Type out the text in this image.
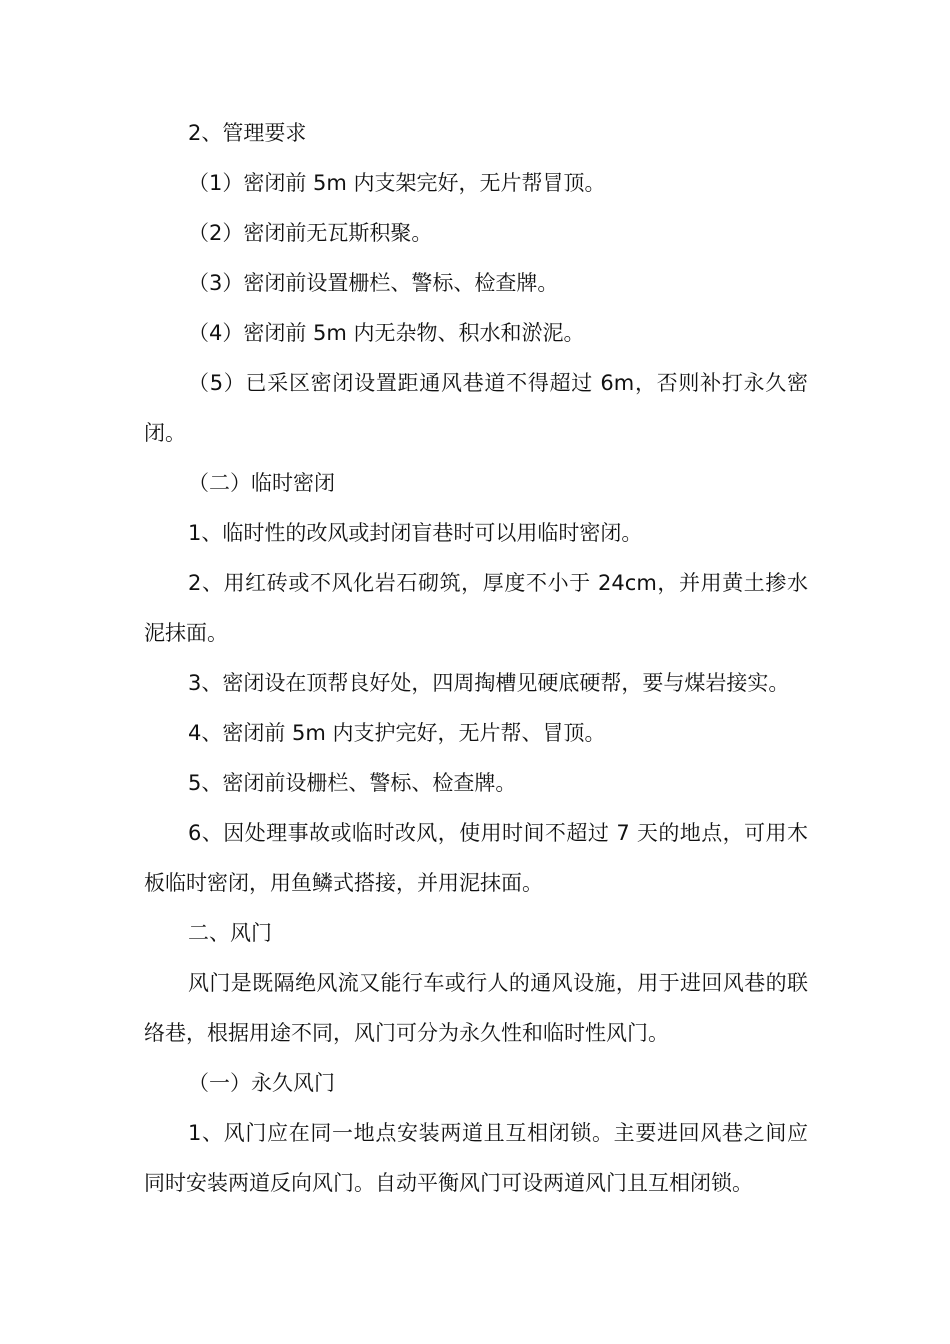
2、管理要求

（1）密闭前 5m 内支架完好，无片帮冒顶。

（2）密闭前无瓦斯积聚。

（3）密闭前设置栅栏、警标、检查牌。

（4）密闭前 5m 内无杂物、积水和淤泥。

（5）已采区密闭设置距通风巷道不得超过 6m，否则补打永久密闭。

（二）临时密闭

1、临时性的改风或封闭盲巷时可以用临时密闭。

2、用红砖或不风化岩石砌筑，厚度不小于 24cm，并用黄土掺水泥抹面。

3、密闭设在顶帮良好处，四周掏槽见硬底硬帮，要与煤岩接实。

4、密闭前 5m 内支护完好，无片帮、冒顶。

5、密闭前设栅栏、警标、检查牌。

6、因处理事故或临时改风，使用时间不超过 7 天的地点，可用木板临时密闭，用鱼鳞式搭接，并用泥抹面。

二、风门

风门是既隔绝风流又能行车或行人的通风设施，用于进回风巷的联络巷，根据用途不同，风门可分为永久性和临时性风门。

（一）永久风门

1、风门应在同一地点安装两道且互相闭锁。主要进回风巷之间应同时安装两道反向风门。自动平衡风门可设两道风门且互相闭锁。
